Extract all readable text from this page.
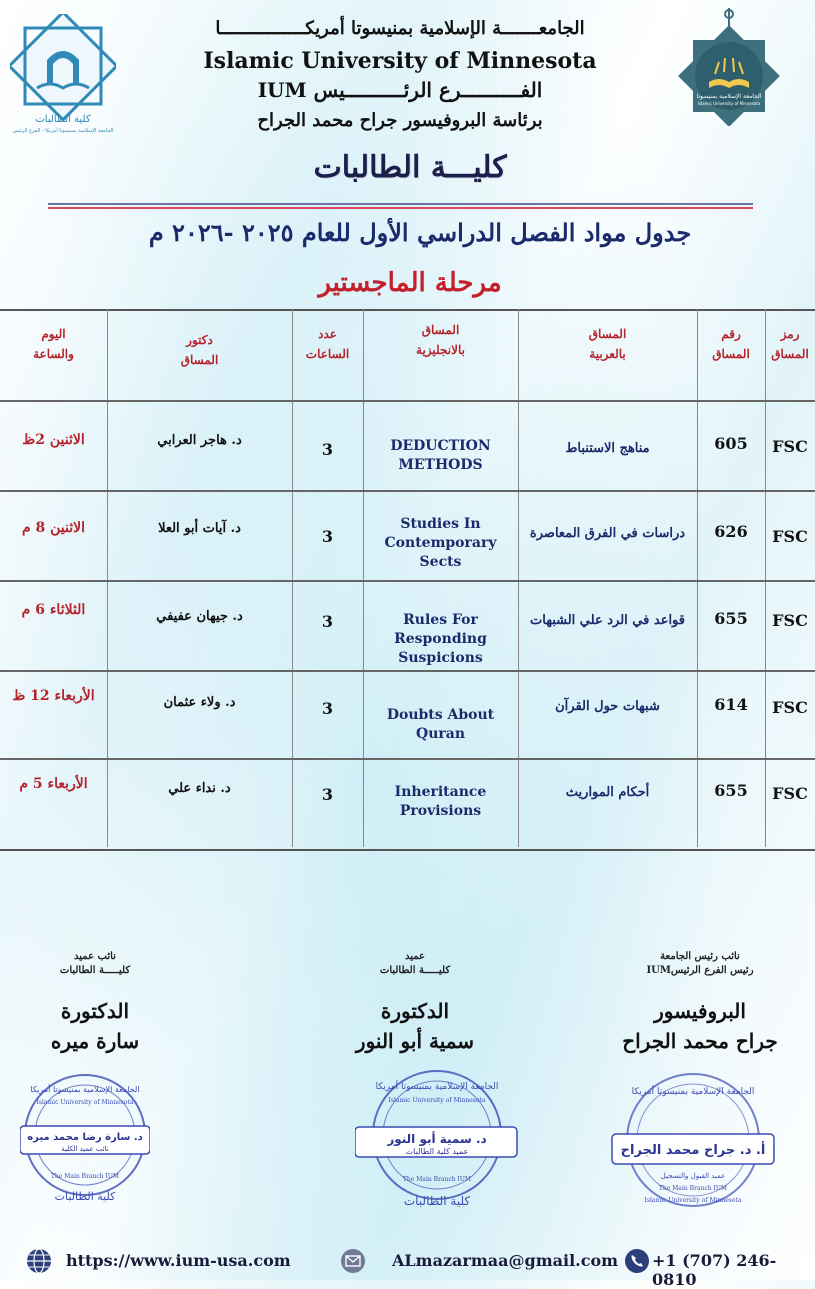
كلية الطالبات
الجامعة الإسلامية بمنيسوتا أمريكا - الفرع الرئيس
الجامعة الإسلامية بمنيسوتا
Islamic University of Minnesota
الجامعـــــــة الإسلامية بمنيسوتا أمريكــــــــــــــــا
Islamic University of Minnesota
الفــــــــــرع الرئــــــــــيس IUM
برئاسة البروفيسور جراح محمد الجراح
كليـــة الطالبات
جدول مواد الفصل الدراسي الأول للعام ٢٠٢٥ -٢٠٢٦ م
مرحلة الماجستير
رمز
المساق
رقم
المساق
المساق
بالعربية
المساق
بالانجليزية
عدد
الساعات
دكتور
المساق
اليوم
والساعة
FSC
605
مناهج الاستنباط
DEDUCTION METHODS
3
د. هاجر العرابي
الاثنين 2ظ
FSC
626
دراسات في الفرق المعاصرة
Studies In Contemporary Sects
3
د. آيات أبو العلا
الاثنين 8 م
FSC
655
قواعد في الرد علي الشبهات
Rules For Responding Suspicions
3
د. جيهان عفيفي
الثلاثاء 6 م
FSC
614
شبهات حول القرآن
Doubts About Quran
3
د. ولاء عثمان
الأربعاء 12 ظ
FSC
655
أحكام المواريث
Inheritance Provisions
3
د. نداء علي
الأربعاء 5 م
نائب رئيس الجامعة
رئيس الفرع الرئيسIUM
البروفيسور
جراح محمد الجراح
عميد
كليـــــة الطالبات
الدكتورة
سمية أبو النور
نائب عميد
كليـــــة الطالبات
الدكتورة
سارة ميره
الجامعة الإسلامية بمنيسوتا أمريكا
Islamic University of Minnesota
د. سارة رضا محمد ميره
نائب عميد الكلية
The Main Branch IUM
كلية الطالبات
الجامعة الإسلامية بمنيسوتا أمريكا
Islamic University of Minnesota
د. سمية أبو النور
عميد كلية الطالبات
The Main Branch IUM
كلية الطالبات
الجامعة الإسلامية بمنيسوتا أمريكا
أ. د. جراح محمد الجراح
عميد القبول والتسجيل
The Main Branch IUM
Islamic University of Minnesota
https://www.ium-usa.com	ALmazarmaa@gmail.com +1 (707) 246-0810
